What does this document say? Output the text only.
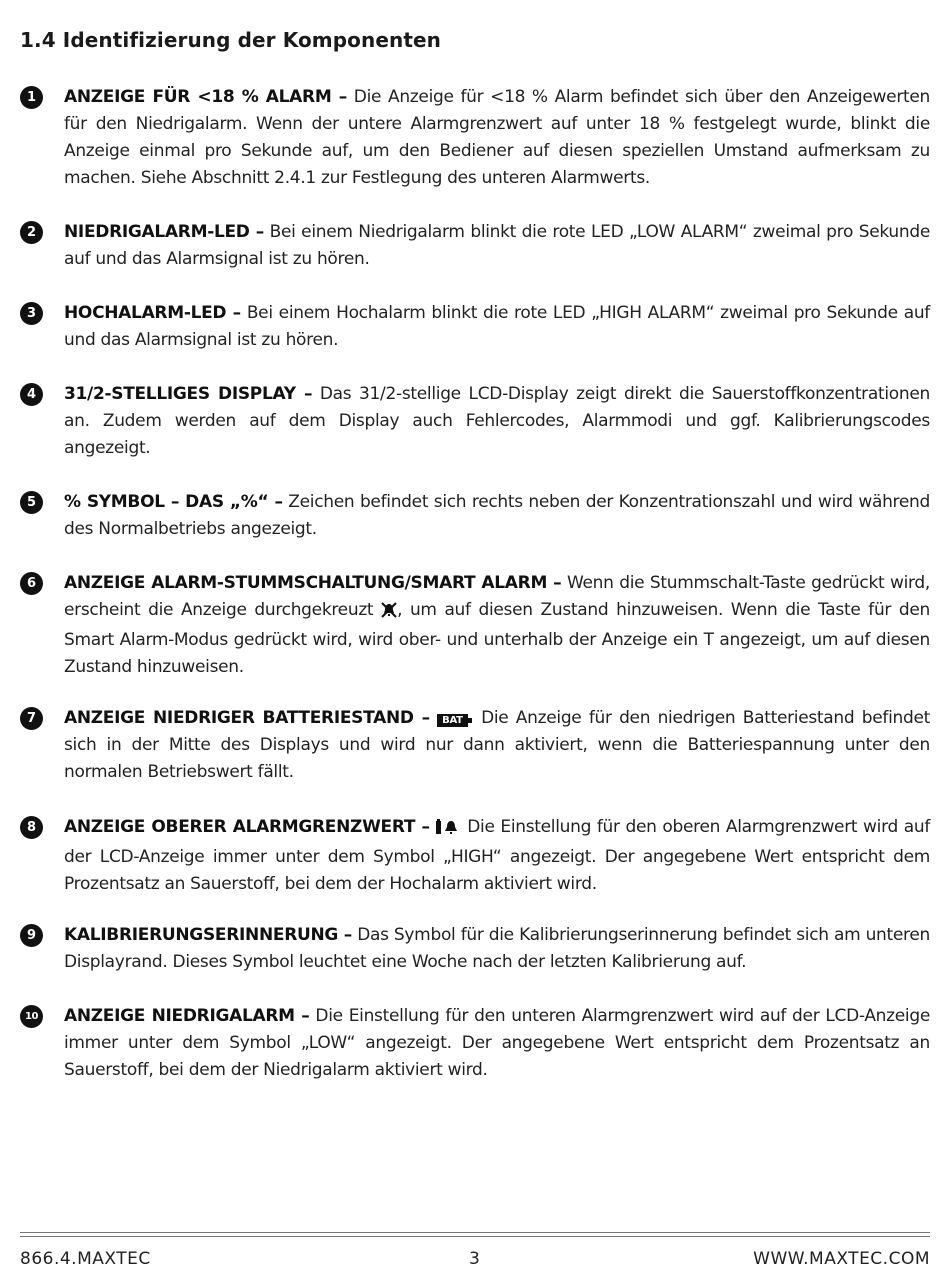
1.4 Identifizierung der Komponenten
1	ANZEIGE FÜR <18 % ALARM – Die Anzeige für <18 % Alarm befindet sich über den Anzeigewerten für den Niedrigalarm. Wenn der untere Alarmgrenzwert auf unter 18 % festgelegt wurde, blinkt die Anzeige einmal pro Sekunde auf, um den Bediener auf diesen speziellen Umstand aufmerksam zu machen. Siehe Abschnitt 2.4.1 zur Festlegung des unteren Alarmwerts.
2	NIEDRIGALARM-LED – Bei einem Niedrigalarm blinkt die rote LED „LOW ALARM“ zweimal pro Sekunde auf und das Alarmsignal ist zu hören.
3	HOCHALARM-LED – Bei einem Hochalarm blinkt die rote LED „HIGH ALARM“ zweimal pro Sekunde auf und das Alarmsignal ist zu hören.
4	31/2-STELLIGES DISPLAY – Das 31/2-stellige LCD-Display zeigt direkt die Sauerstoffkonzentrationen an. Zudem werden auf dem Display auch Fehlercodes, Alarmmodi und ggf. Kalibrierungscodes angezeigt.
5	% SYMBOL – DAS „%“ – Zeichen befindet sich rechts neben der Konzentrationszahl und wird während des Normalbetriebs angezeigt.
6	ANZEIGE ALARM-STUMMSCHALTUNG/SMART ALARM – Wenn die Stummschalt-Taste gedrückt wird, erscheint die Anzeige durchgekreuzt , um auf diesen Zustand hinzuweisen. Wenn die Taste für den Smart Alarm-Modus gedrückt wird, wird ober- und unterhalb der Anzeige ein T angezeigt, um auf diesen Zustand hinzuweisen.
7	ANZEIGE NIEDRIGER BATTERIESTAND – BAT Die Anzeige für den niedrigen Batteriestand befindet sich in der Mitte des Displays und wird nur dann aktiviert, wenn die Batteriespannung unter den normalen Betriebswert fällt.
8	ANZEIGE OBERER ALARMGRENZWERT –  Die Einstellung für den oberen Alarmgrenzwert wird auf der LCD-Anzeige immer unter dem Symbol „HIGH“ angezeigt. Der angegebene Wert entspricht dem Prozentsatz an Sauerstoff, bei dem der Hochalarm aktiviert wird.
9	KALIBRIERUNGSERINNERUNG – Das Symbol für die Kalibrierungserinnerung befindet sich am unteren Displayrand. Dieses Symbol leuchtet eine Woche nach der letzten Kalibrierung auf.
10 ANZEIGE NIEDRIGALARM – Die Einstellung für den unteren Alarmgrenzwert wird auf der LCD-Anzeige immer unter dem Symbol „LOW“ angezeigt. Der angegebene Wert entspricht dem Prozentsatz an Sauerstoff, bei dem der Niedrigalarm aktiviert wird.
866.4.MAXTEC	3	WWW.MAXTEC.COM
